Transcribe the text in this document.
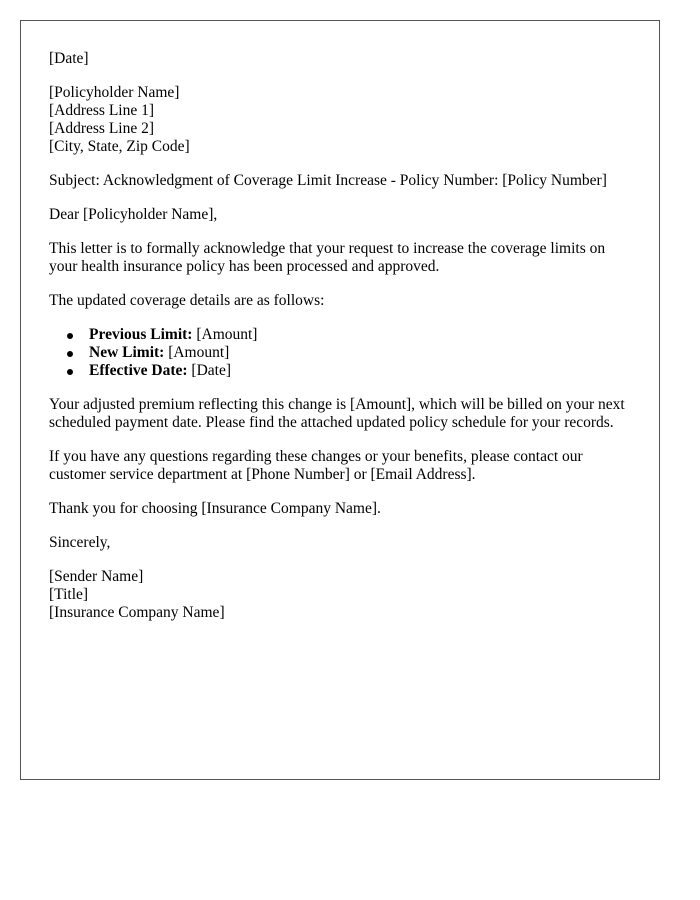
[Date]
[Policyholder Name]
[Address Line 1]
[Address Line 2]
[City, State, Zip Code]

Subject: Acknowledgment of Coverage Limit Increase - Policy Number: [Policy Number]

Dear [Policyholder Name],

This letter is to formally acknowledge that your request to increase the coverage limits on your health insurance policy has been processed and approved.

The updated coverage details are as follows:

Previous Limit: [Amount]
New Limit: [Amount]
Effective Date: [Date]

Your adjusted premium reflecting this change is [Amount], which will be billed on your next scheduled payment date. Please find the attached updated policy schedule for your records.

If you have any questions regarding these changes or your benefits, please contact our customer service department at [Phone Number] or [Email Address].

Thank you for choosing [Insurance Company Name].

Sincerely,

[Sender Name]
[Title]
[Insurance Company Name]
